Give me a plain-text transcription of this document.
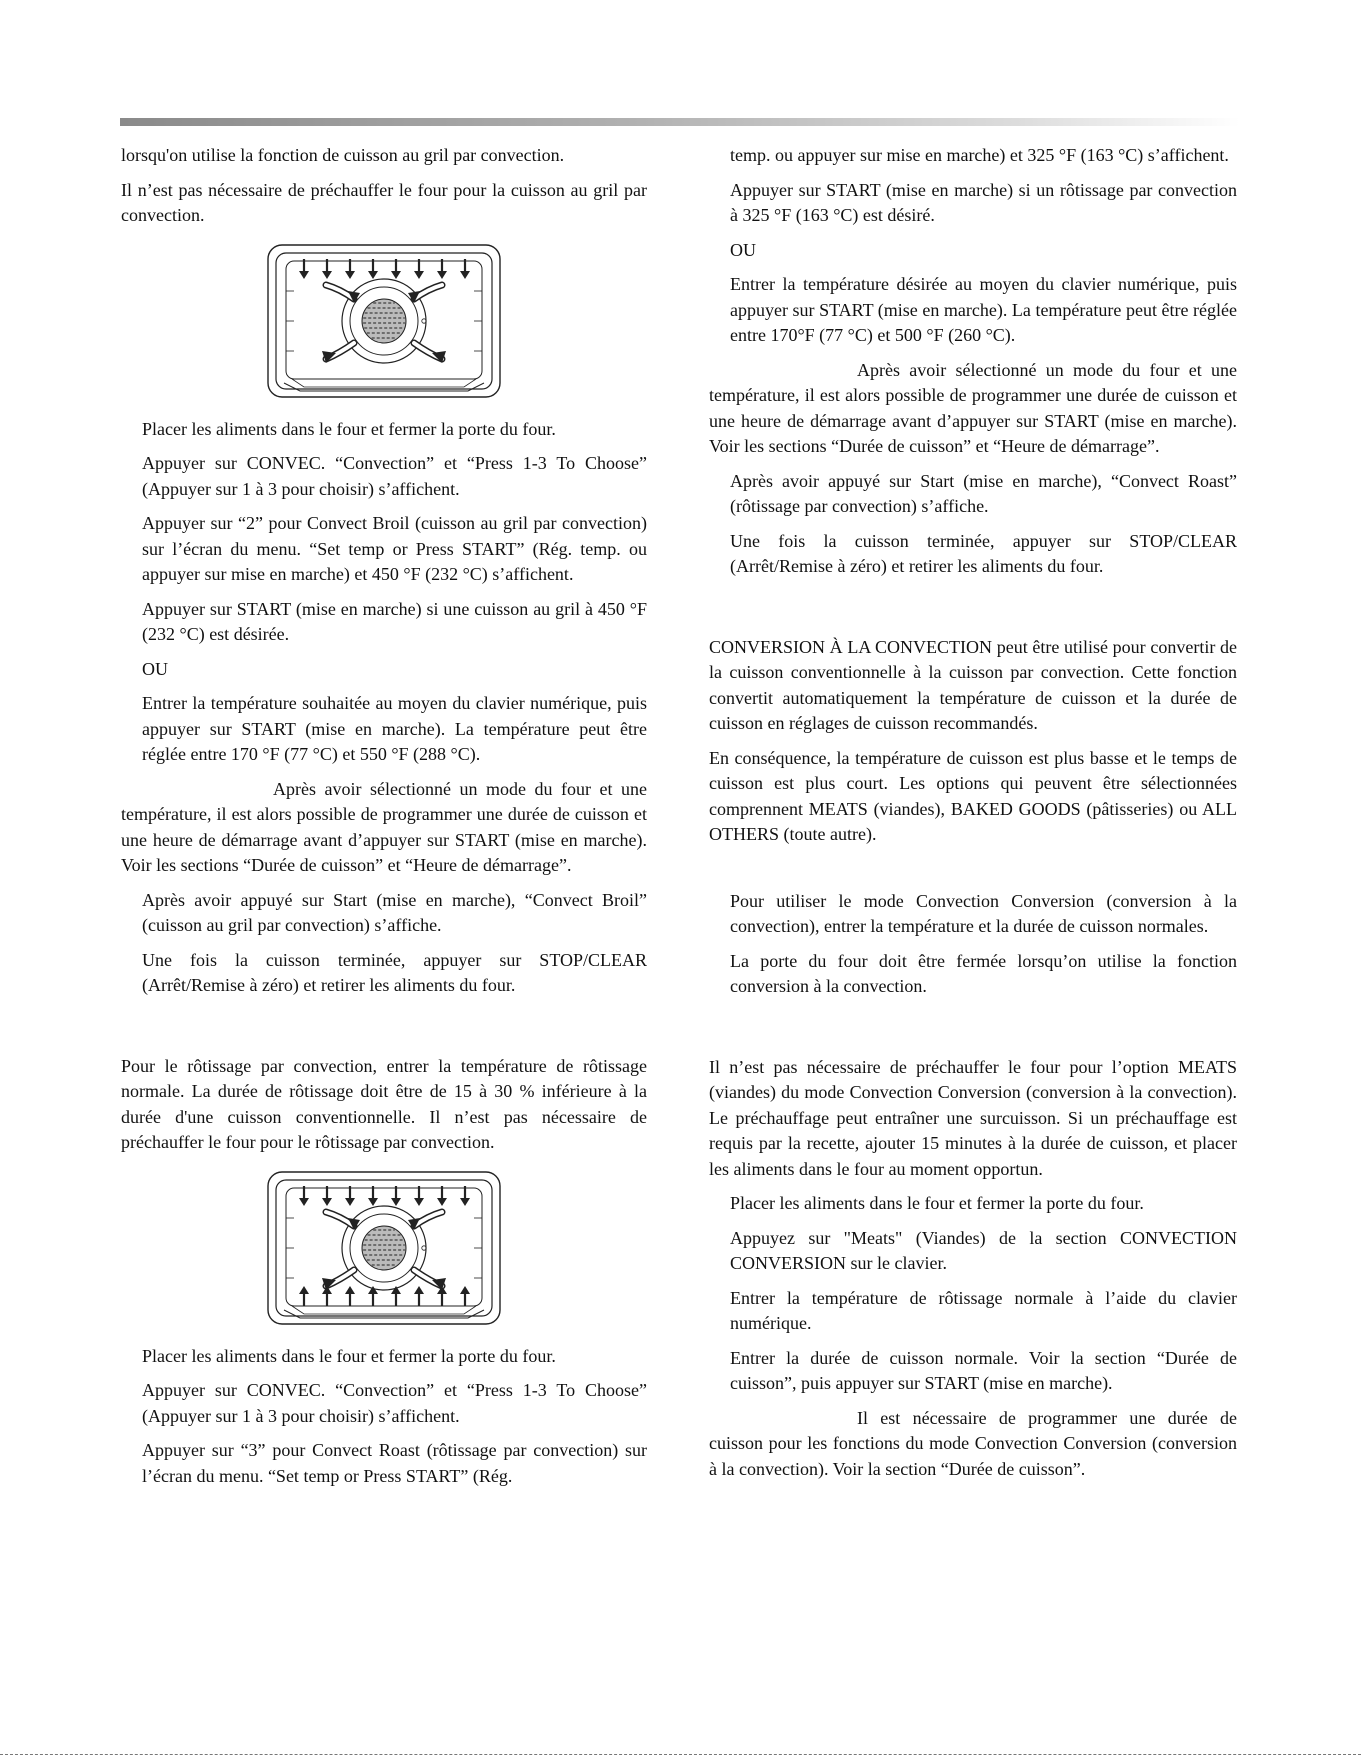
lorsqu'on utilise la fonction de cuisson au gril par convection.

Il n’est pas nécessaire de préchauffer le four pour la cuisson au gril par convection.

Placer les aliments dans le four et fermer la porte du four.

Appuyer sur CONVEC. “Convection” et “Press 1-3 To Choose” (Appuyer sur 1 à 3 pour choisir) s’affichent.

Appuyer sur “2” pour Convect Broil (cuisson au gril par convection) sur l’écran du menu. “Set temp or Press START” (Rég. temp. ou appuyer sur mise en marche) et 450 °F (232 °C) s’affichent.

Appuyer sur START (mise en marche) si une cuisson au gril à 450 °F (232 °C) est désirée.

OU

Entrer la température souhaitée au moyen du clavier numérique, puis appuyer sur START (mise en marche). La température peut être réglée entre 170 °F (77 °C) et 550 °F (288 °C).

Après avoir sélectionné un mode du four et une température, il est alors possible de programmer une durée de cuisson et une heure de démarrage avant d’appuyer sur START (mise en marche). Voir les sections “Durée de cuisson” et “Heure de démarrage”.

Après avoir appuyé sur Start (mise en marche), “Convect Broil” (cuisson au gril par convection) s’affiche.

Une fois la cuisson terminée, appuyer sur STOP/CLEAR (Arrêt/Remise à zéro) et retirer les aliments du four.

Pour le rôtissage par convection, entrer la température de rôtissage normale. La durée de rôtissage doit être de 15 à 30 % inférieure à la durée d'une cuisson conventionnelle. Il n’est pas nécessaire de préchauffer le four pour le rôtissage par convection.

Placer les aliments dans le four et fermer la porte du four.

Appuyer sur CONVEC. “Convection” et “Press 1-3 To Choose” (Appuyer sur 1 à 3 pour choisir) s’affichent.

Appuyer sur “3” pour Convect Roast (rôtissage par convection) sur l’écran du menu. “Set temp or Press START” (Rég.

temp. ou appuyer sur mise en marche) et 325 °F (163 °C) s’affichent.

Appuyer sur START (mise en marche) si un rôtissage par convection à 325 °F (163 °C) est désiré.

OU

Entrer la température désirée au moyen du clavier numérique, puis appuyer sur START (mise en marche). La température peut être réglée entre 170°F (77 °C) et 500 °F (260 °C).

Après avoir sélectionné un mode du four et une température, il est alors possible de programmer une durée de cuisson et une heure de démarrage avant d’appuyer sur START (mise en marche). Voir les sections “Durée de cuisson” et “Heure de démarrage”.

Après avoir appuyé sur Start (mise en marche), “Convect Roast” (rôtissage par convection) s’affiche.

Une fois la cuisson terminée, appuyer sur STOP/CLEAR (Arrêt/Remise à zéro) et retirer les aliments du four.

CONVERSION À LA CONVECTION peut être utilisé pour convertir de la cuisson conventionnelle à la cuisson par convection. Cette fonction convertit automatiquement la température de cuisson et la durée de cuisson en réglages de cuisson recommandés.

En conséquence, la température de cuisson est plus basse et le temps de cuisson est plus court. Les options qui peuvent être sélectionnées comprennent MEATS (viandes), BAKED GOODS (pâtisseries) ou ALL OTHERS (toute autre).

Pour utiliser le mode Convection Conversion (conversion à la convection), entrer la température et la durée de cuisson normales.

La porte du four doit être fermée lorsqu’on utilise la fonction conversion à la convection.

Il n’est pas nécessaire de préchauffer le four pour l’option MEATS (viandes) du mode Convection Conversion (conversion à la convection). Le préchauffage peut entraîner une surcuisson. Si un préchauffage est requis par la recette, ajouter 15 minutes à la durée de cuisson, et placer les aliments dans le four au moment opportun.

Placer les aliments dans le four et fermer la porte du four.

Appuyez sur "Meats" (Viandes) de la section CONVECTION CONVERSION sur le clavier.

Entrer la température de rôtissage normale à l’aide du clavier numérique.

Entrer la durée de cuisson normale. Voir la section “Durée de cuisson”, puis appuyer sur START (mise en marche).

Il est nécessaire de programmer une durée de cuisson pour les fonctions du mode Convection Conversion (conversion à la convection). Voir la section “Durée de cuisson”.
